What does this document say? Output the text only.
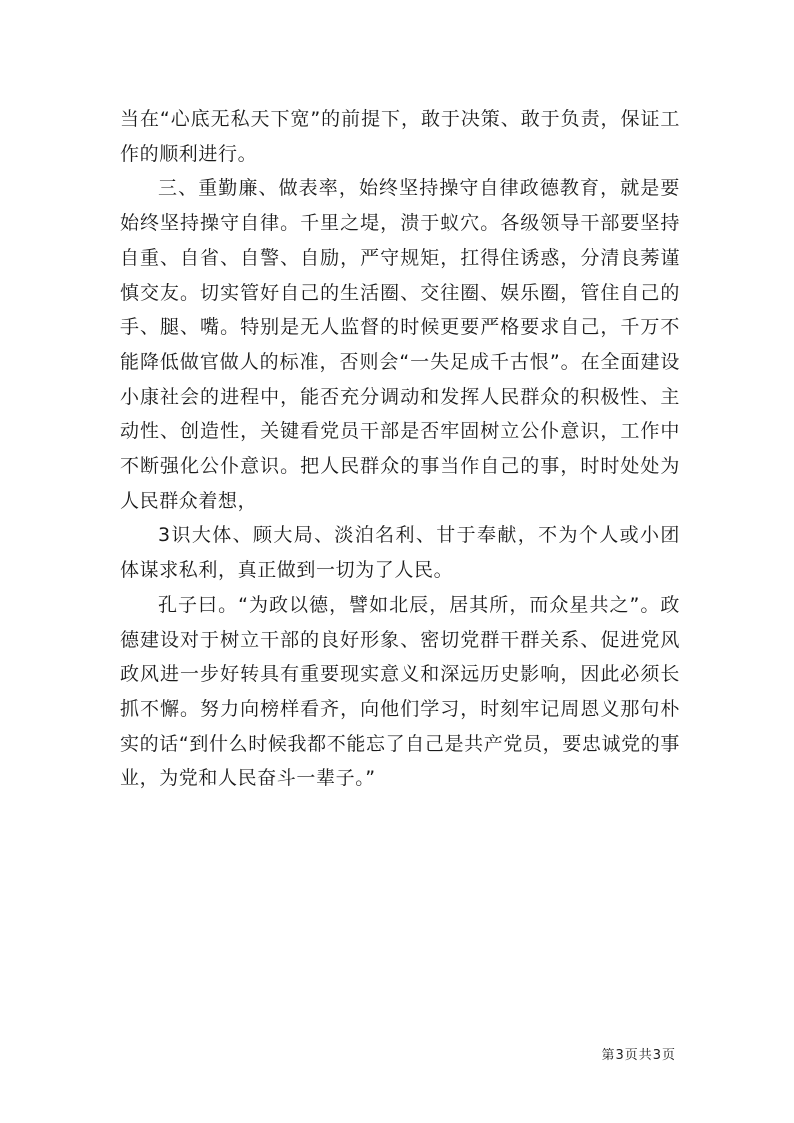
当在“心底无私天下宽”的前提下，敢于决策、敢于负责，保证工作的顺利进行。

三、重勤廉、做表率，始终坚持操守自律政德教育，就是要始终坚持操守自律。千里之堤，溃于蚁穴。各级领导干部要坚持自重、自省、自警、自励，严守规矩，扛得住诱惑，分清良莠谨慎交友。切实管好自己的生活圈、交往圈、娱乐圈，管住自己的手、腿、嘴。特别是无人监督的时候更要严格要求自己，千万不能降低做官做人的标准，否则会“一失足成千古恨”。在全面建设小康社会的进程中，能否充分调动和发挥人民群众的积极性、主动性、创造性，关键看党员干部是否牢固树立公仆意识，工作中不断强化公仆意识。把人民群众的事当作自己的事，时时处处为人民群众着想，

3识大体、顾大局、淡泊名利、甘于奉献，不为个人或小团体谋求私利，真正做到一切为了人民。

孔子曰。“为政以德，譬如北辰，居其所，而众星共之”。政德建设对于树立干部的良好形象、密切党群干群关系、促进党风政风进一步好转具有重要现实意义和深远历史影响，因此必须长抓不懈。努力向榜样看齐，向他们学习，时刻牢记周恩义那句朴实的话“到什么时候我都不能忘了自己是共产党员，要忠诚党的事业，为党和人民奋斗一辈子。”

第3页共3页
